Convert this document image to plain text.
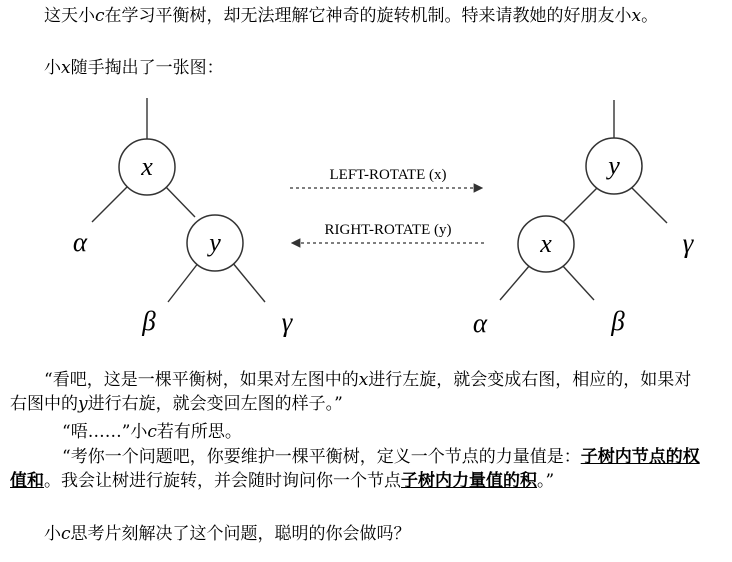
这天小c在学习平衡树，却无法理解它神奇的旋转机制。特来请教她的好朋友小x。
小x随手掏出了一张图：
x
y
α
β	γ
LEFT-ROTATE (x)
RIGHT-ROTATE (y)
y
x
α	β
γ
“看吧，这是一棵平衡树，如果对左图中的x进行左旋，就会变成右图，相应的，如果对右图中的y进行右旋，就会变回左图的样子。”
“唔……”小c若有所思。
“考你一个问题吧，你要维护一棵平衡树，定义一个节点的力量值是：子树内节点的权值和。我会让树进行旋转，并会随时询问你一个节点子树内力量值的积。”
小c思考片刻解决了这个问题，聪明的你会做吗？
